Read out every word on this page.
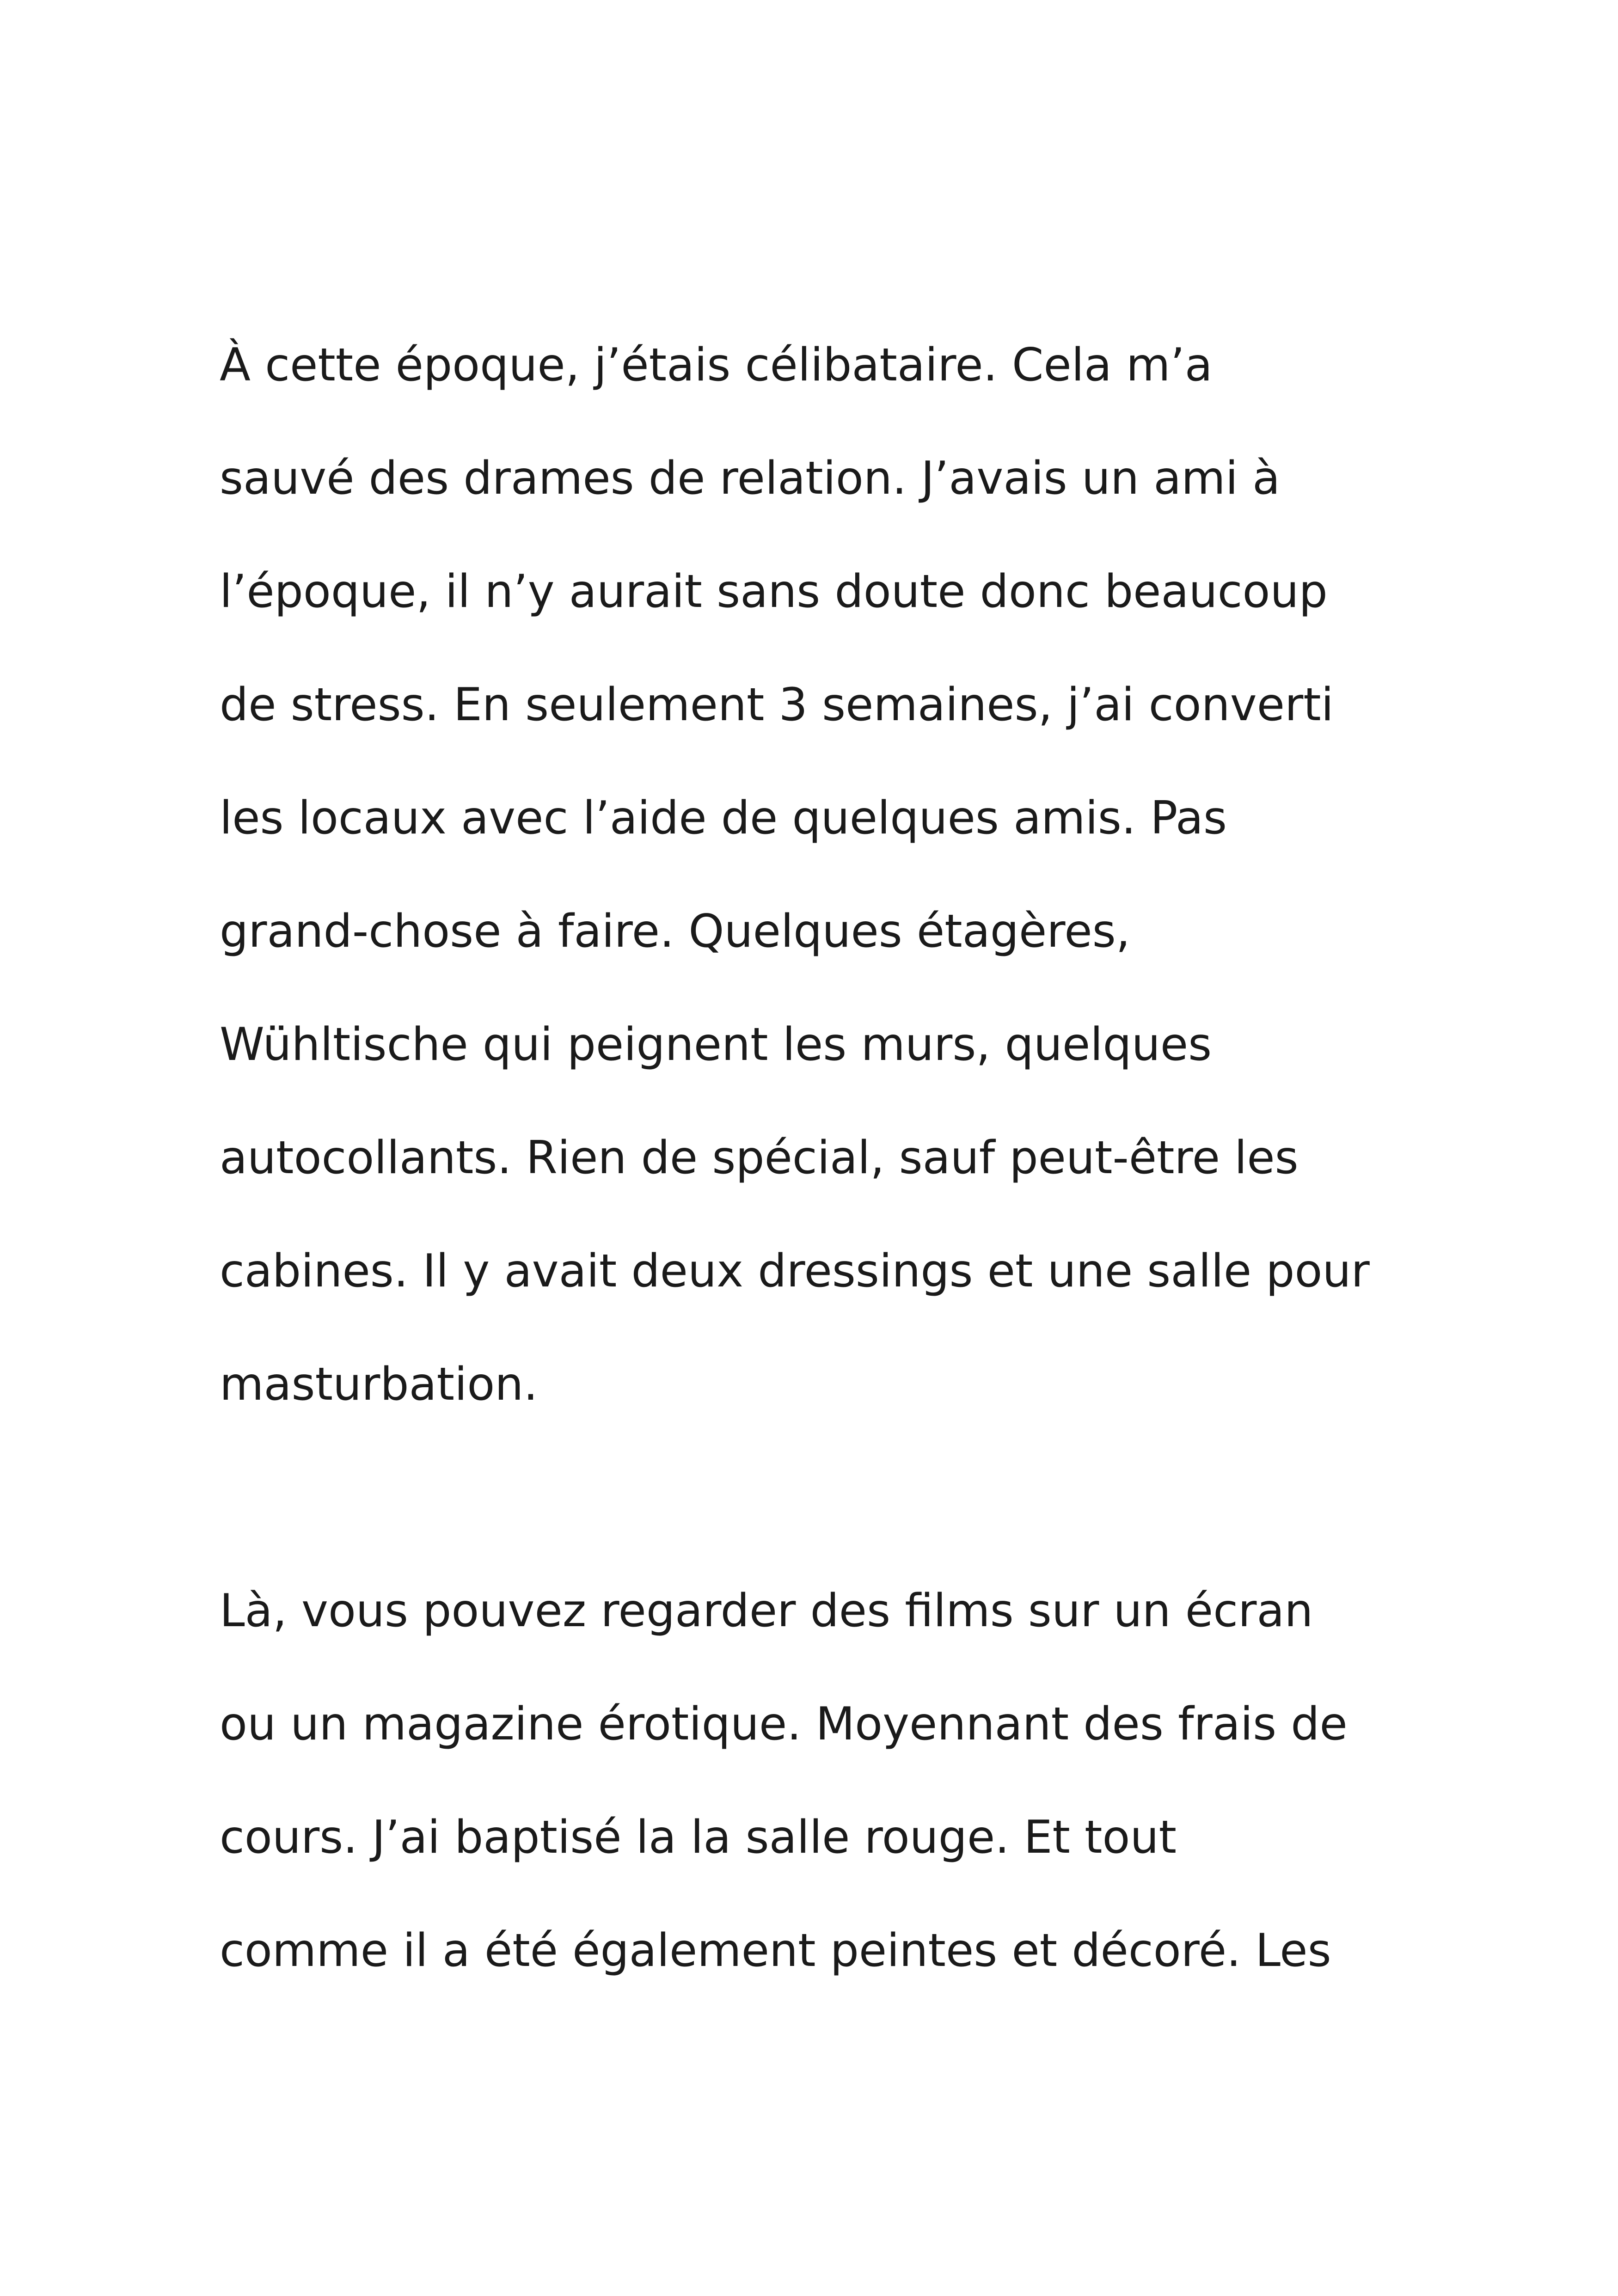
À cette époque, j’étais célibataire. Cela m’a
sauvé des drames de relation. J’avais un ami à
l’époque, il n’y aurait sans doute donc beaucoup
de stress. En seulement 3 semaines, j’ai converti
les locaux avec l’aide de quelques amis. Pas
grand-chose à faire. Quelques étagères,
Wühltische qui peignent les murs, quelques
autocollants. Rien de spécial, sauf peut-être les
cabines. Il y avait deux dressings et une salle pour
masturbation.
Là, vous pouvez regarder des films sur un écran
ou un magazine érotique. Moyennant des frais de
cours. J’ai baptisé la la salle rouge. Et tout
comme il a été également peintes et décoré. Les
